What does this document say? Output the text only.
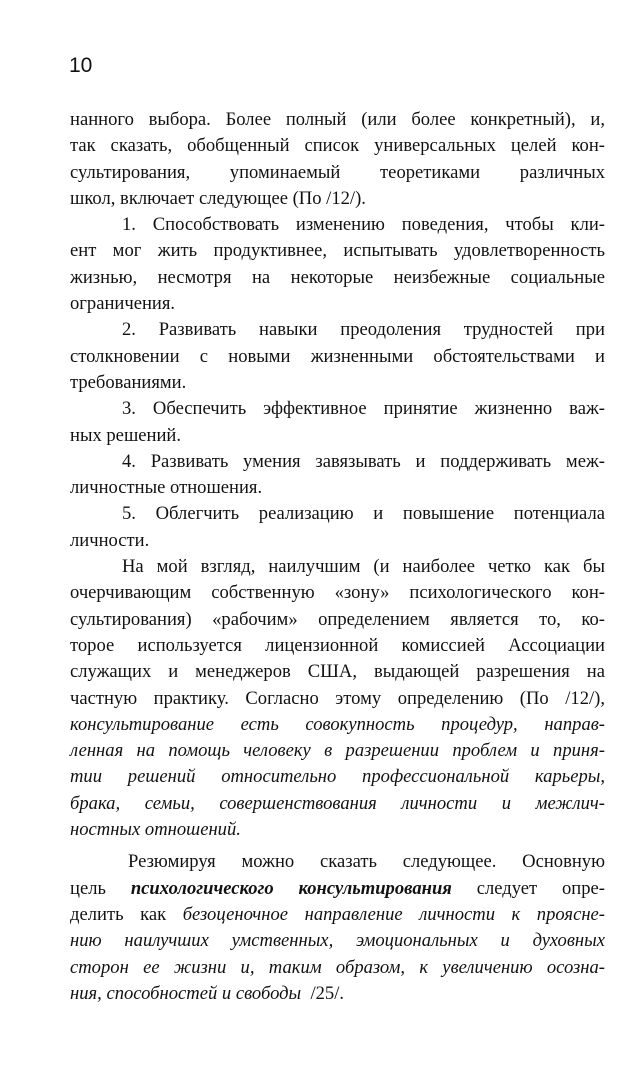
10
нанного выбора. Более полный (или более конкретный), и,
так сказать, обобщенный список универсальных целей кон-
сультирования, упоминаемый теоретиками различных
школ, включает следующее (По /12/).
1. Способствовать изменению поведения, чтобы кли-
ент мог жить продуктивнее, испытывать удовлетворенность
жизнью, несмотря на некоторые неизбежные социальные
ограничения.
2. Развивать навыки преодоления трудностей при
столкновении с новыми жизненными обстоятельствами и
требованиями.
3. Обеспечить эффективное принятие жизненно важ-
ных решений.
4. Развивать умения завязывать и поддерживать меж-
личностные отношения.
5. Облегчить реализацию и повышение потенциала
личности.
На мой взгляд, наилучшим (и наиболее четко как бы
очерчивающим собственную «зону» психологического кон-
сультирования) «рабочим» определением является то, ко-
торое используется лицензионной комиссией Ассоциации
служащих и менеджеров США, выдающей разрешения на
частную практику. Согласно этому определению (По /12/),
консультирование есть совокупность процедур, направ-
ленная на помощь человеку в разрешении проблем и приня-
тии решений относительно профессиональной карьеры,
брака, семьи, совершенствования личности и межлич-
ностных отношений.
Резюмируя можно сказать следующее. Основную
цель психологического консультирования следует опре-
делить как безоценочное направление личности к проясне-
нию наилучших умственных, эмоциональных и духовных
сторон ее жизни и, таким образом, к увеличению осозна-
ния, способностей и свободы  /25/.
